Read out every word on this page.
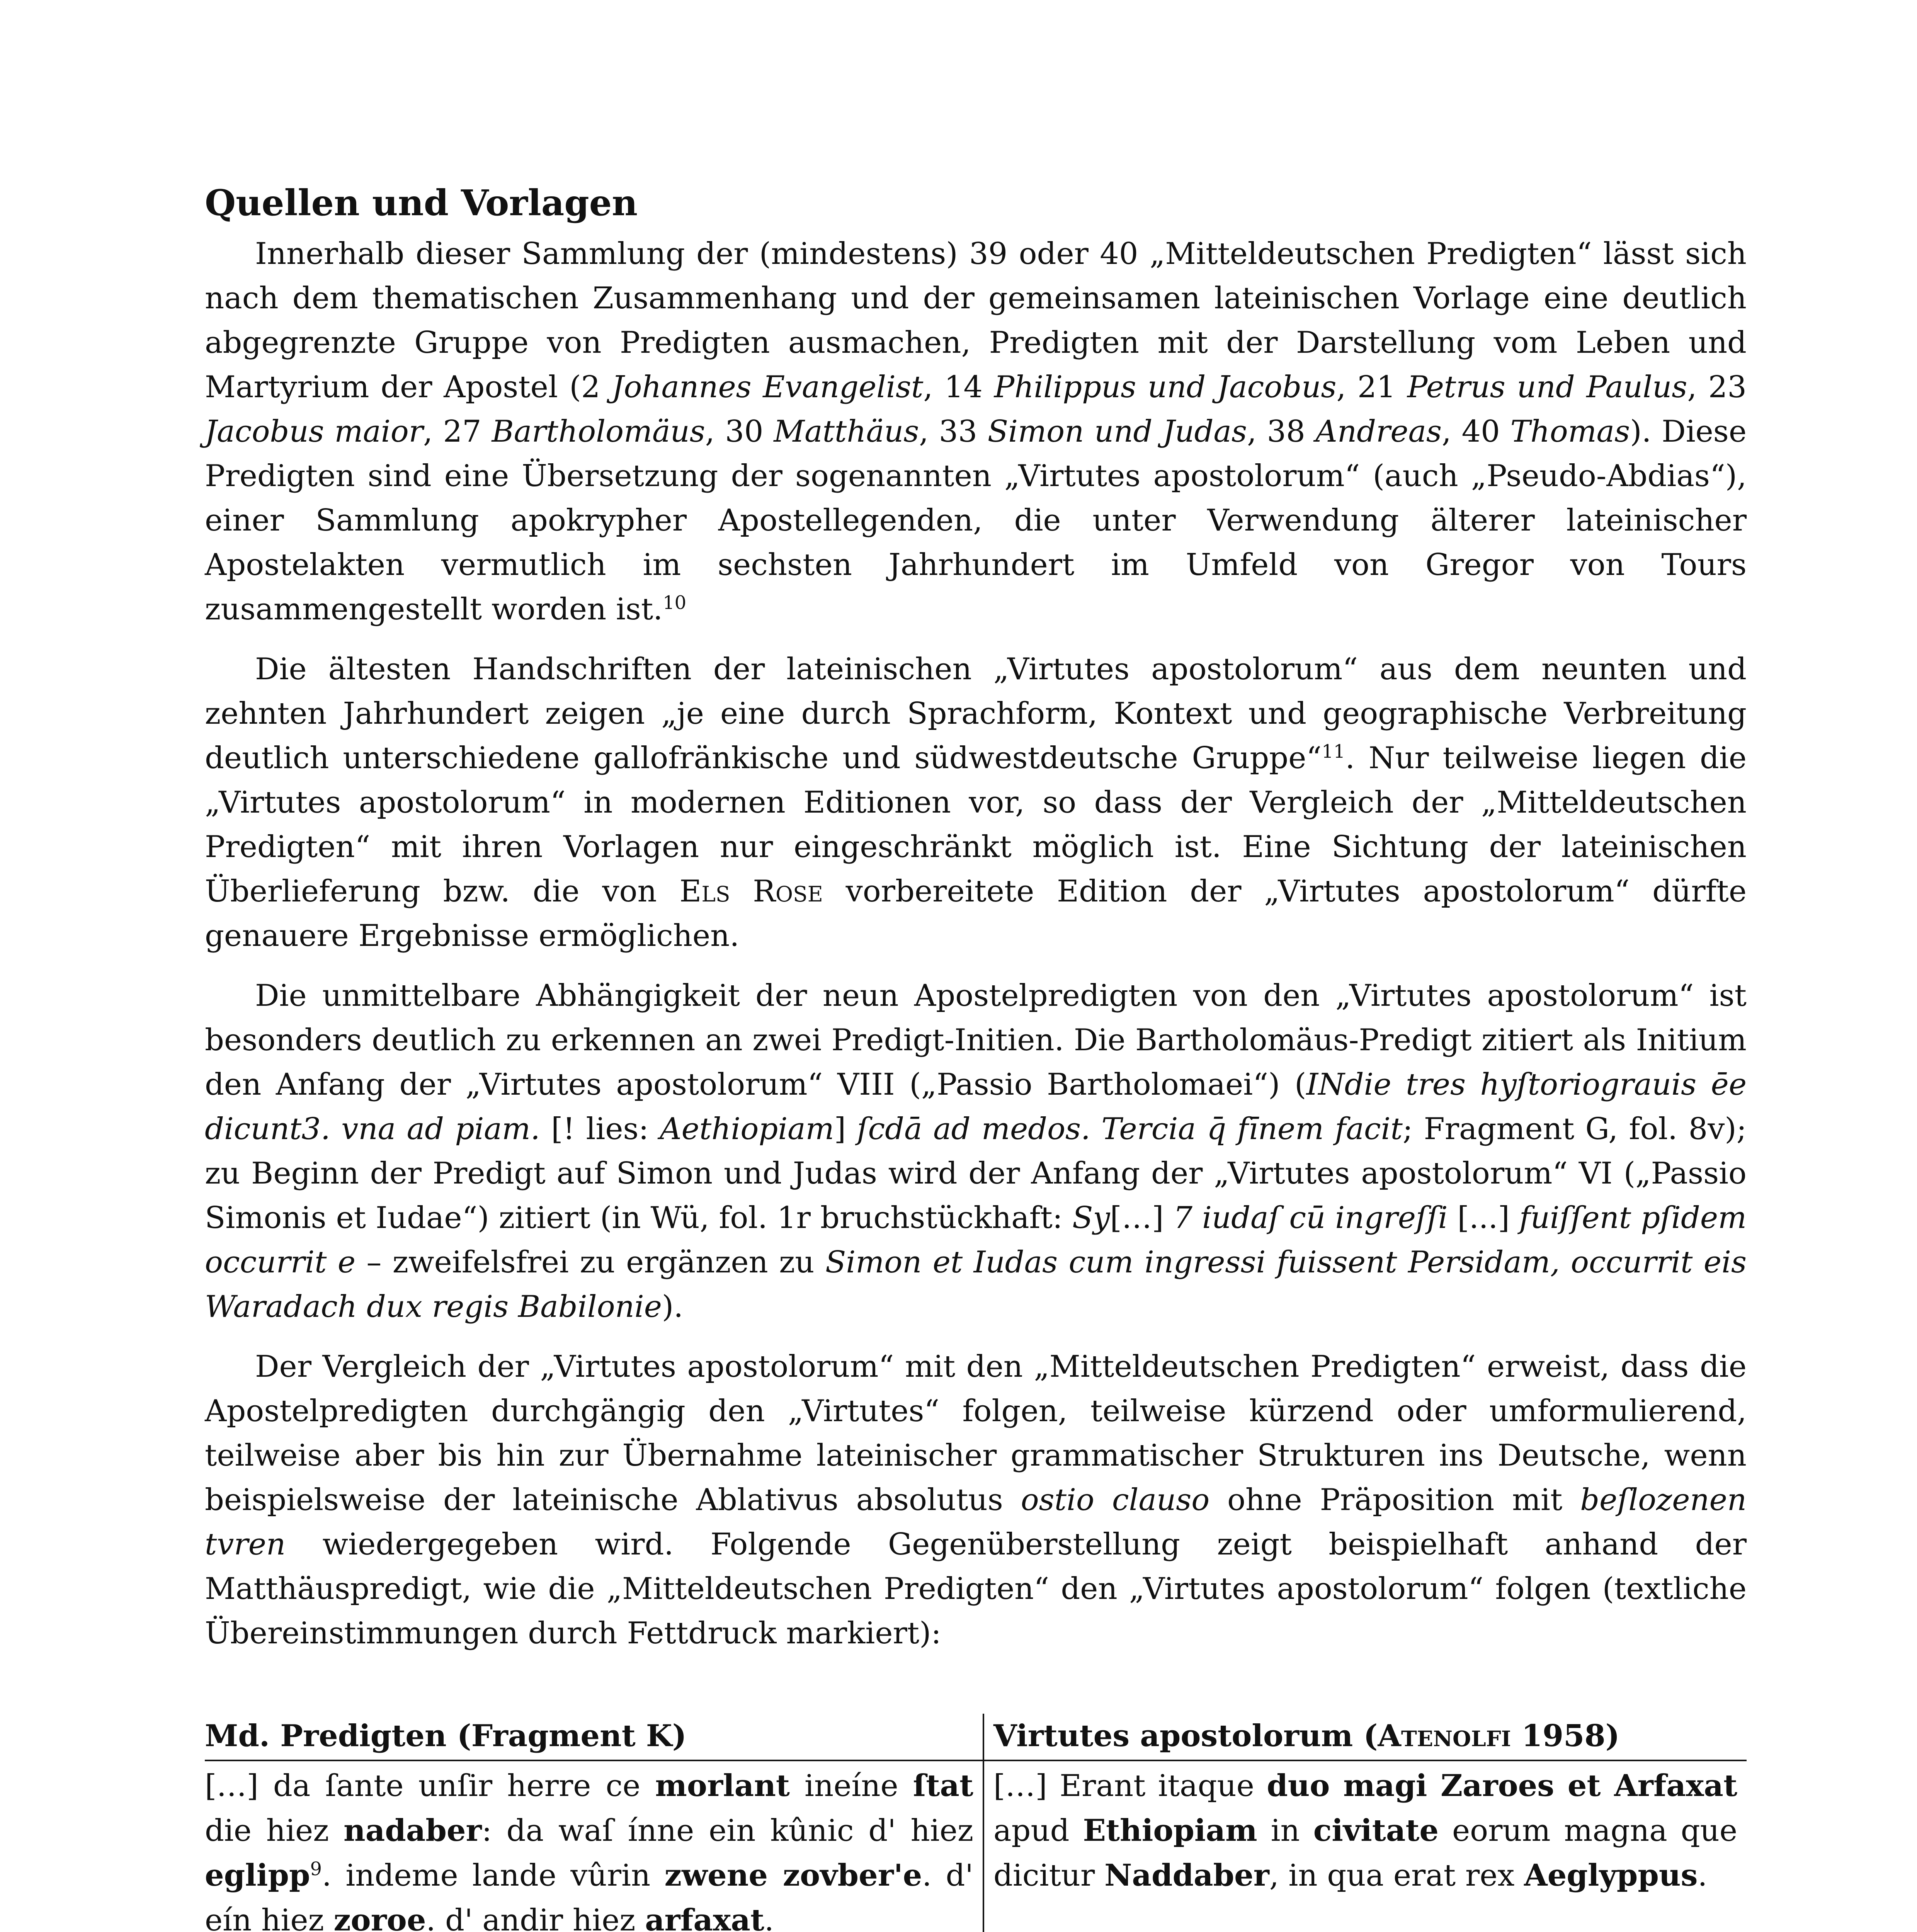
Quellen und Vorlagen

Innerhalb dieser Sammlung der (mindestens) 39 oder 40 „Mitteldeutschen Predigten“ lässt sich nach dem thematischen Zusammenhang und der gemeinsamen lateinischen Vorlage eine deutlich abgegrenzte Gruppe von Predigten ausmachen, Predigten mit der Darstellung vom Leben und Martyrium der Apostel (2 Johannes Evangelist, 14 Philippus und Jacobus, 21 Petrus und Paulus, 23 Jacobus maior, 27 Bartholomäus, 30 Matthäus, 33 Simon und Judas, 38 Andreas, 40 Thomas). Diese Predigten sind eine Übersetzung der sogenannten „Virtutes apostolorum“ (auch „Pseudo-Abdias“), einer Sammlung apokrypher Apostellegenden, die unter Verwendung älterer lateinischer Apostelakten vermutlich im sechsten Jahrhundert im Umfeld von Gregor von Tours zusammengestellt worden ist.$^{10}$

Die ältesten Handschriften der lateinischen „Virtutes apostolorum“ aus dem neunten und zehnten Jahrhundert zeigen „je eine durch Sprachform, Kontext und geographische Verbreitung deutlich unterschiedene gallofränkische und südwestdeutsche Gruppe“$^{11}$. Nur teilweise liegen die „Virtutes apostolorum“ in modernen Editionen vor, so dass der Vergleich der „Mitteldeutschen Predigten“ mit ihren Vorlagen nur eingeschränkt möglich ist. Eine Sichtung der lateinischen Überlieferung bzw. die von Els Rose vorbereitete Edition der „Virtutes apostolorum“ dürfte genauere Ergebnisse ermöglichen.

Die unmittelbare Abhängigkeit der neun Apostelpredigten von den „Virtutes apostolorum“ ist besonders deutlich zu erkennen an zwei Predigt-Initien. Die Bartholomäus-Predigt zitiert als Initium den Anfang der „Virtutes apostolorum“ VIII („Passio Bartholomaei“) (INdie tres hyſtoriograuis ēe dicunt3. vna ad piam. [! lies: Aethiopiam] ſcdā ad medos. Tercia q̄ fīnem facit; Fragment G, fol. 8v); zu Beginn der Predigt auf Simon und Judas wird der Anfang der „Virtutes apostolorum“ VI („Passio Simonis et Iudae“) zitiert (in Wü, fol. 1r bruchstückhaft: Sy[…] 7 iudaſ cū ingreſſi [...] fuiſſent pſidem occurrit e – zweifelsfrei zu ergänzen zu Simon et Iudas cum ingressi fuissent Persidam, occurrit eis Waradach dux regis Babilonie).

Der Vergleich der „Virtutes apostolorum“ mit den „Mitteldeutschen Predigten“ erweist, dass die Apostelpredigten durchgängig den „Virtutes“ folgen, teilweise kürzend oder umformulierend, teilweise aber bis hin zur Übernahme lateinischer grammatischer Strukturen ins Deutsche, wenn beispielsweise der lateinische Ablativus absolutus ostio clauso ohne Präposition mit beſlozenen tvren wiedergegeben wird. Folgende Gegenüberstellung zeigt beispielhaft anhand der Matthäuspredigt, wie die „Mitteldeutschen Predigten“ den „Virtutes apostolorum“ folgen (textliche Übereinstimmungen durch Fettdruck markiert):

Md. Predigten (Fragment K)	Virtutes apostolorum (Atenolfi 1958)
[…] da ſante unſir herre ce morlant ineíne ſtat die hiez nadaber: da waſ ínne ein kûnic d' hiez eglipp$^9$. indeme lande vûrin zwene zovber'e. d' eín hiez zoroe. d' andir hiez arfaxat.	[…] Erant itaque duo magi Zaroes et Arfaxat apud Ethiopiam in civitate eorum magna que dicitur Naddaber, in qua erat rex Aeglyppus.
